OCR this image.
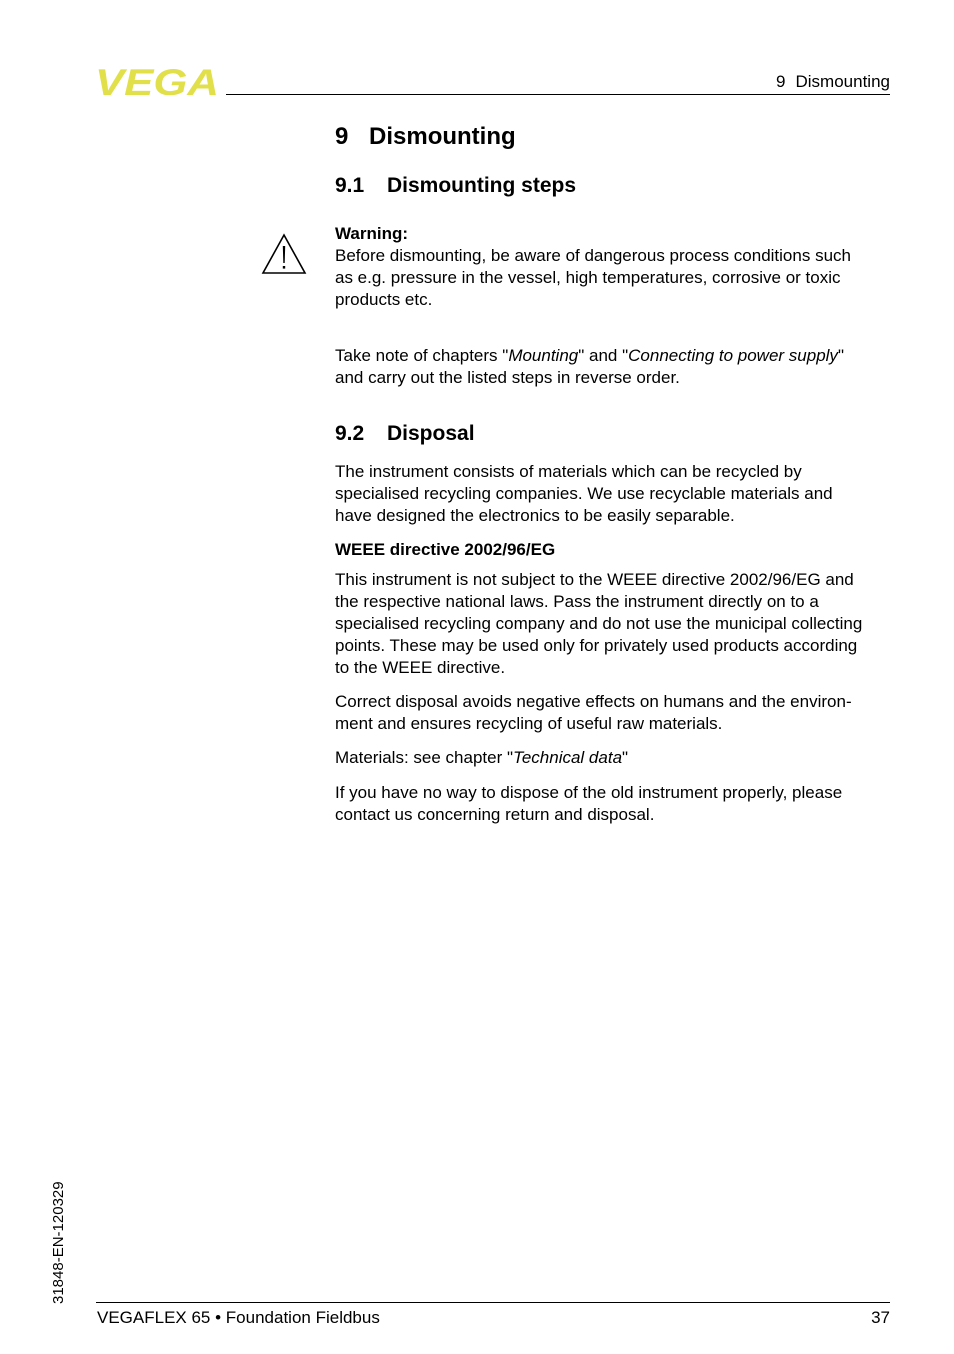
VEGA	9 Dismounting
9 Dismounting
9.1 Dismounting steps
Warning:
Before dismounting, be aware of dangerous process conditions such
as e.g. pressure in the vessel, high temperatures, corrosive or toxic
products etc.
Take note of chapters "Mounting" and "Connecting to power supply"
and carry out the listed steps in reverse order.
9.2 Disposal
The instrument consists of materials which can be recycled by
specialised recycling companies. We use recyclable materials and
have designed the electronics to be easily separable.
WEEE directive 2002/96/EG
This instrument is not subject to the WEEE directive 2002/96/EG and
the respective national laws. Pass the instrument directly on to a
specialised recycling company and do not use the municipal collecting
points. These may be used only for privately used products according
to the WEEE directive.
Correct disposal avoids negative effects on humans and the environ-
ment and ensures recycling of useful raw materials.
Materials: see chapter "Technical data"
If you have no way to dispose of the old instrument properly, please
contact us concerning return and disposal.
31848-EN-120329
VEGAFLEX 65 • Foundation Fieldbus	37
